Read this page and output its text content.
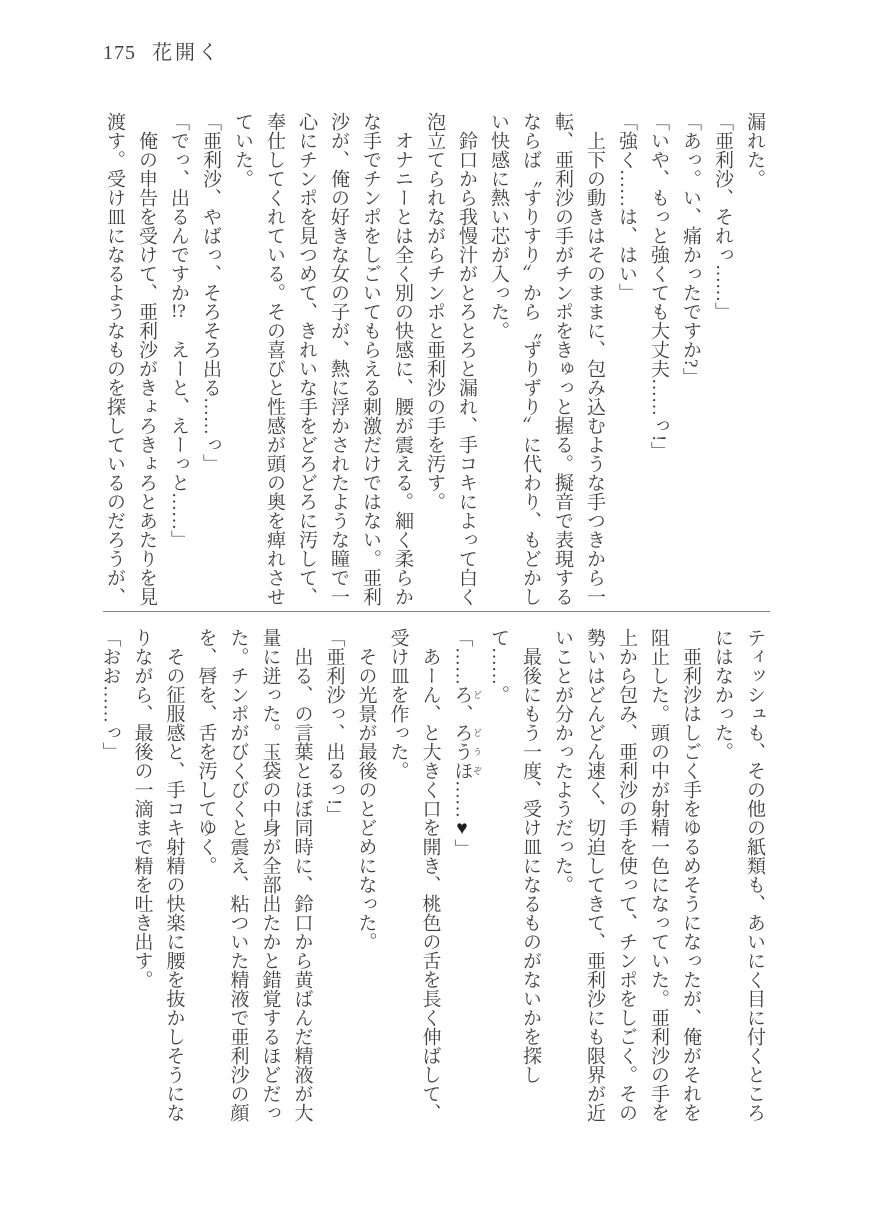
175 花開く

漏れた。

「亜利沙、それっ……」

「あっ。い、痛かったですか?」

「いや、もっと強くても大丈夫……っ!」

「強く……は、はい」

上下の動きはそのままに、包み込むような手つきから一転、亜利沙の手がチンポをきゅっと握る。擬音で表現するならば〝すりすり〟から〝ずりずり〟に代わり、もどかしい快感に熱い芯が入った。

鈴口から我慢汁がとろとろと漏れ、手コキによって白く泡立てられながらチンポと亜利沙の手を汚す。

オナニーとは全く別の快感に、腰が震える。細く柔らかな手でチンポをしごいてもらえる刺激だけではない。亜利沙が、俺の好きな女の子が、熱に浮かされたような瞳で一心にチンポを見つめて、きれいな手をどろどろに汚して、奉仕してくれている。その喜びと性感が頭の奥を痺れさせていた。

「亜利沙、やばっ、そろそろ出る……っ」

「でっ、出るんですか!?　えーと、えーっと……」

俺の申告を受けて、亜利沙がきょろきょろとあたりを見渡す。受け皿になるようなものを探しているのだろうが、

ティッシュも、その他の紙類も、あいにく目に付くところにはなかった。

亜利沙はしごく手をゆるめそうになったが、俺がそれを阻止した。頭の中が射精一色になっていた。亜利沙の手を上から包み、亜利沙の手を使って、チンポをしごく。その勢いはどんどん速く、切迫してきて、亜利沙にも限界が近いことが分かったようだった。

最後にもう一度、受け皿になるものがないかを探して……。

「……ろ ど、ろうほ どうぞ……♥」

あーん、と大きく口を開き、桃色の舌を長く伸ばして、受け皿を作った。

その光景が最後のとどめになった。

「亜利沙っ、出るっ!」

出る、の言葉とほぼ同時に、鈴口から黄ばんだ精液が大量に迸った。玉袋の中身が全部出たかと錯覚するほどだった。チンポがびくびくと震え、粘ついた精液で亜利沙の顔を、唇を、舌を汚してゆく。

その征服感と、手コキ射精の快楽に腰を抜かしそうになりながら、最後の一滴まで精を吐き出す。

「おお……っ」
